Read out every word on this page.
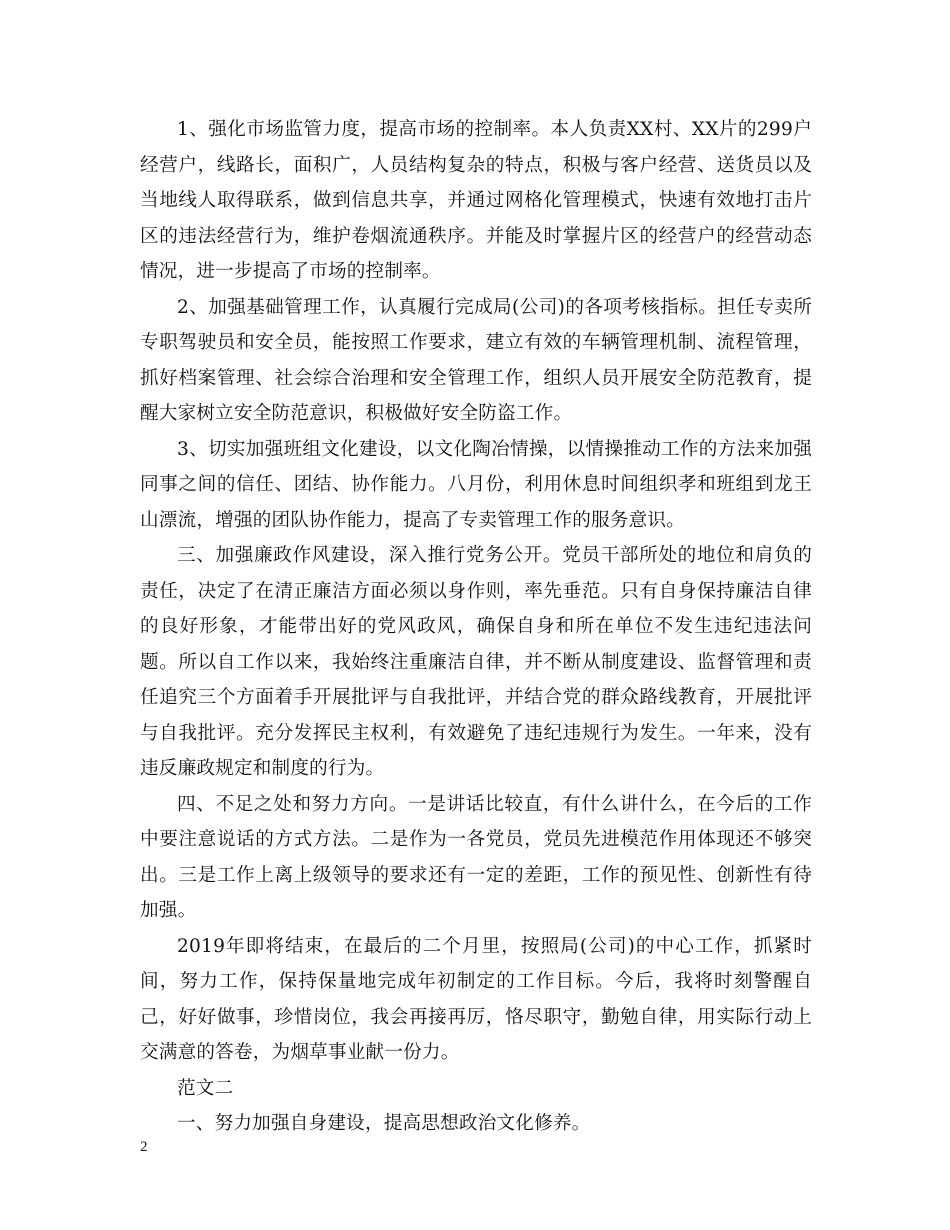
1、强化市场监管力度，提高市场的控制率。本人负责XX村、XX片的299户经营户，线路长，面积广，人员结构复杂的特点，积极与客户经营、送货员以及当地线人取得联系，做到信息共享，并通过网格化管理模式，快速有效地打击片区的违法经营行为，维护卷烟流通秩序。并能及时掌握片区的经营户的经营动态情况，进一步提高了市场的控制率。

2、加强基础管理工作，认真履行完成局(公司)的各项考核指标。担任专卖所专职驾驶员和安全员，能按照工作要求，建立有效的车辆管理机制、流程管理，抓好档案管理、社会综合治理和安全管理工作，组织人员开展安全防范教育，提醒大家树立安全防范意识，积极做好安全防盗工作。

3、切实加强班组文化建设，以文化陶冶情操，以情操推动工作的方法来加强同事之间的信任、团结、协作能力。八月份，利用休息时间组织孝和班组到龙王山漂流，增强的团队协作能力，提高了专卖管理工作的服务意识。

三、加强廉政作风建设，深入推行党务公开。党员干部所处的地位和肩负的责任，决定了在清正廉洁方面必须以身作则，率先垂范。只有自身保持廉洁自律的良好形象，才能带出好的党风政风，确保自身和所在单位不发生违纪违法问题。所以自工作以来，我始终注重廉洁自律，并不断从制度建设、监督管理和责任追究三个方面着手开展批评与自我批评，并结合党的群众路线教育，开展批评与自我批评。充分发挥民主权利，有效避免了违纪违规行为发生。一年来，没有违反廉政规定和制度的行为。

四、不足之处和努力方向。一是讲话比较直，有什么讲什么，在今后的工作中要注意说话的方式方法。二是作为一各党员，党员先进模范作用体现还不够突出。三是工作上离上级领导的要求还有一定的差距，工作的预见性、创新性有待加强。

2019年即将结束，在最后的二个月里，按照局(公司)的中心工作，抓紧时间，努力工作，保持保量地完成年初制定的工作目标。今后，我将时刻警醒自己，好好做事，珍惜岗位，我会再接再厉，恪尽职守，勤勉自律，用实际行动上交满意的答卷，为烟草事业献一份力。

范文二

一、努力加强自身建设，提高思想政治文化修养。

2
